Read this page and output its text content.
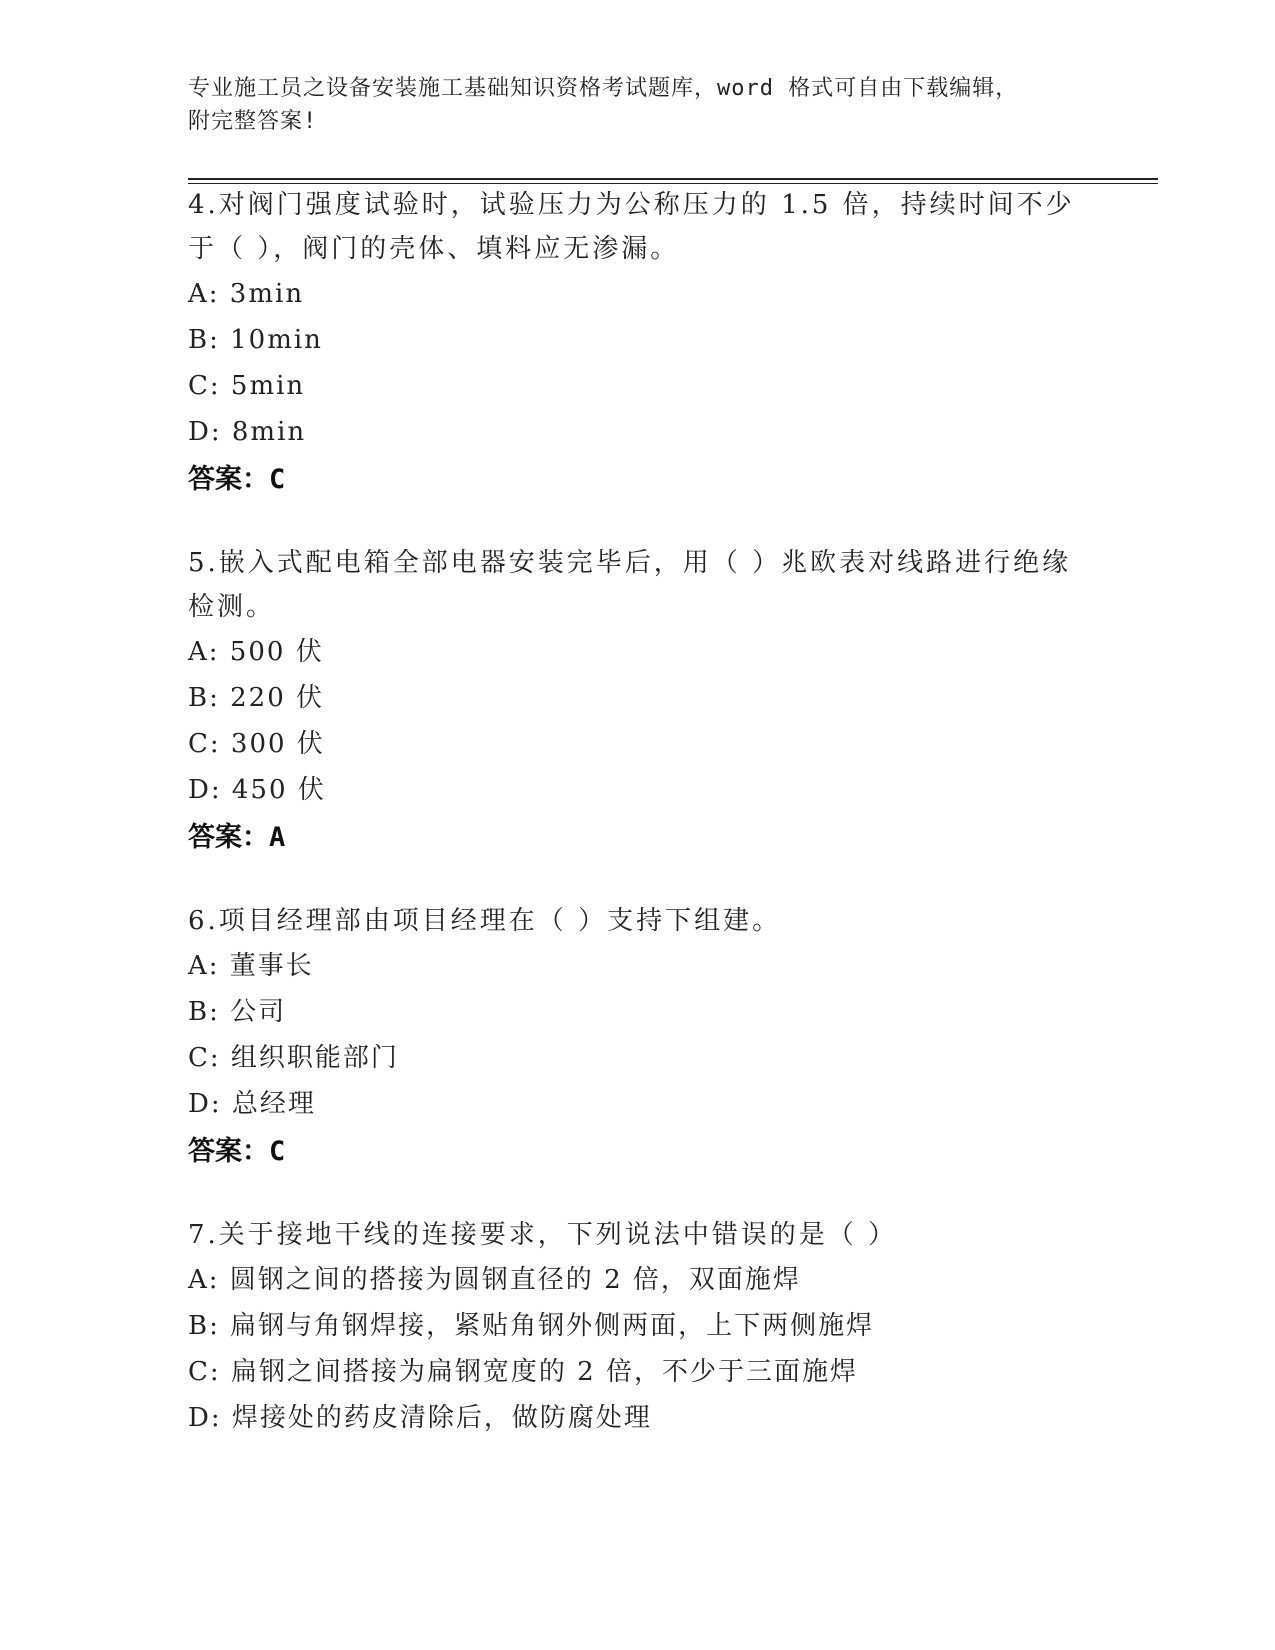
专业施工员之设备安装施工基础知识资格考试题库，word 格式可自由下载编辑，
附完整答案!
4.对阀门强度试验时，试验压力为公称压力的 1.5 倍，持续时间不少
于（ ），阀门的壳体、填料应无渗漏。
A: 3min
B: 10min
C: 5min
D: 8min
答案：C
5.嵌入式配电箱全部电器安装完毕后，用（ ）兆欧表对线路进行绝缘
检测。
A: 500 伏
B: 220 伏
C: 300 伏
D: 450 伏
答案：A
6.项目经理部由项目经理在（ ）支持下组建。
A: 董事长
B: 公司
C: 组织职能部门
D: 总经理
答案：C
7.关于接地干线的连接要求，下列说法中错误的是（ ）
A: 圆钢之间的搭接为圆钢直径的 2 倍，双面施焊
B: 扁钢与角钢焊接，紧贴角钢外侧两面，上下两侧施焊
C: 扁钢之间搭接为扁钢宽度的 2 倍，不少于三面施焊
D: 焊接处的药皮清除后，做防腐处理
